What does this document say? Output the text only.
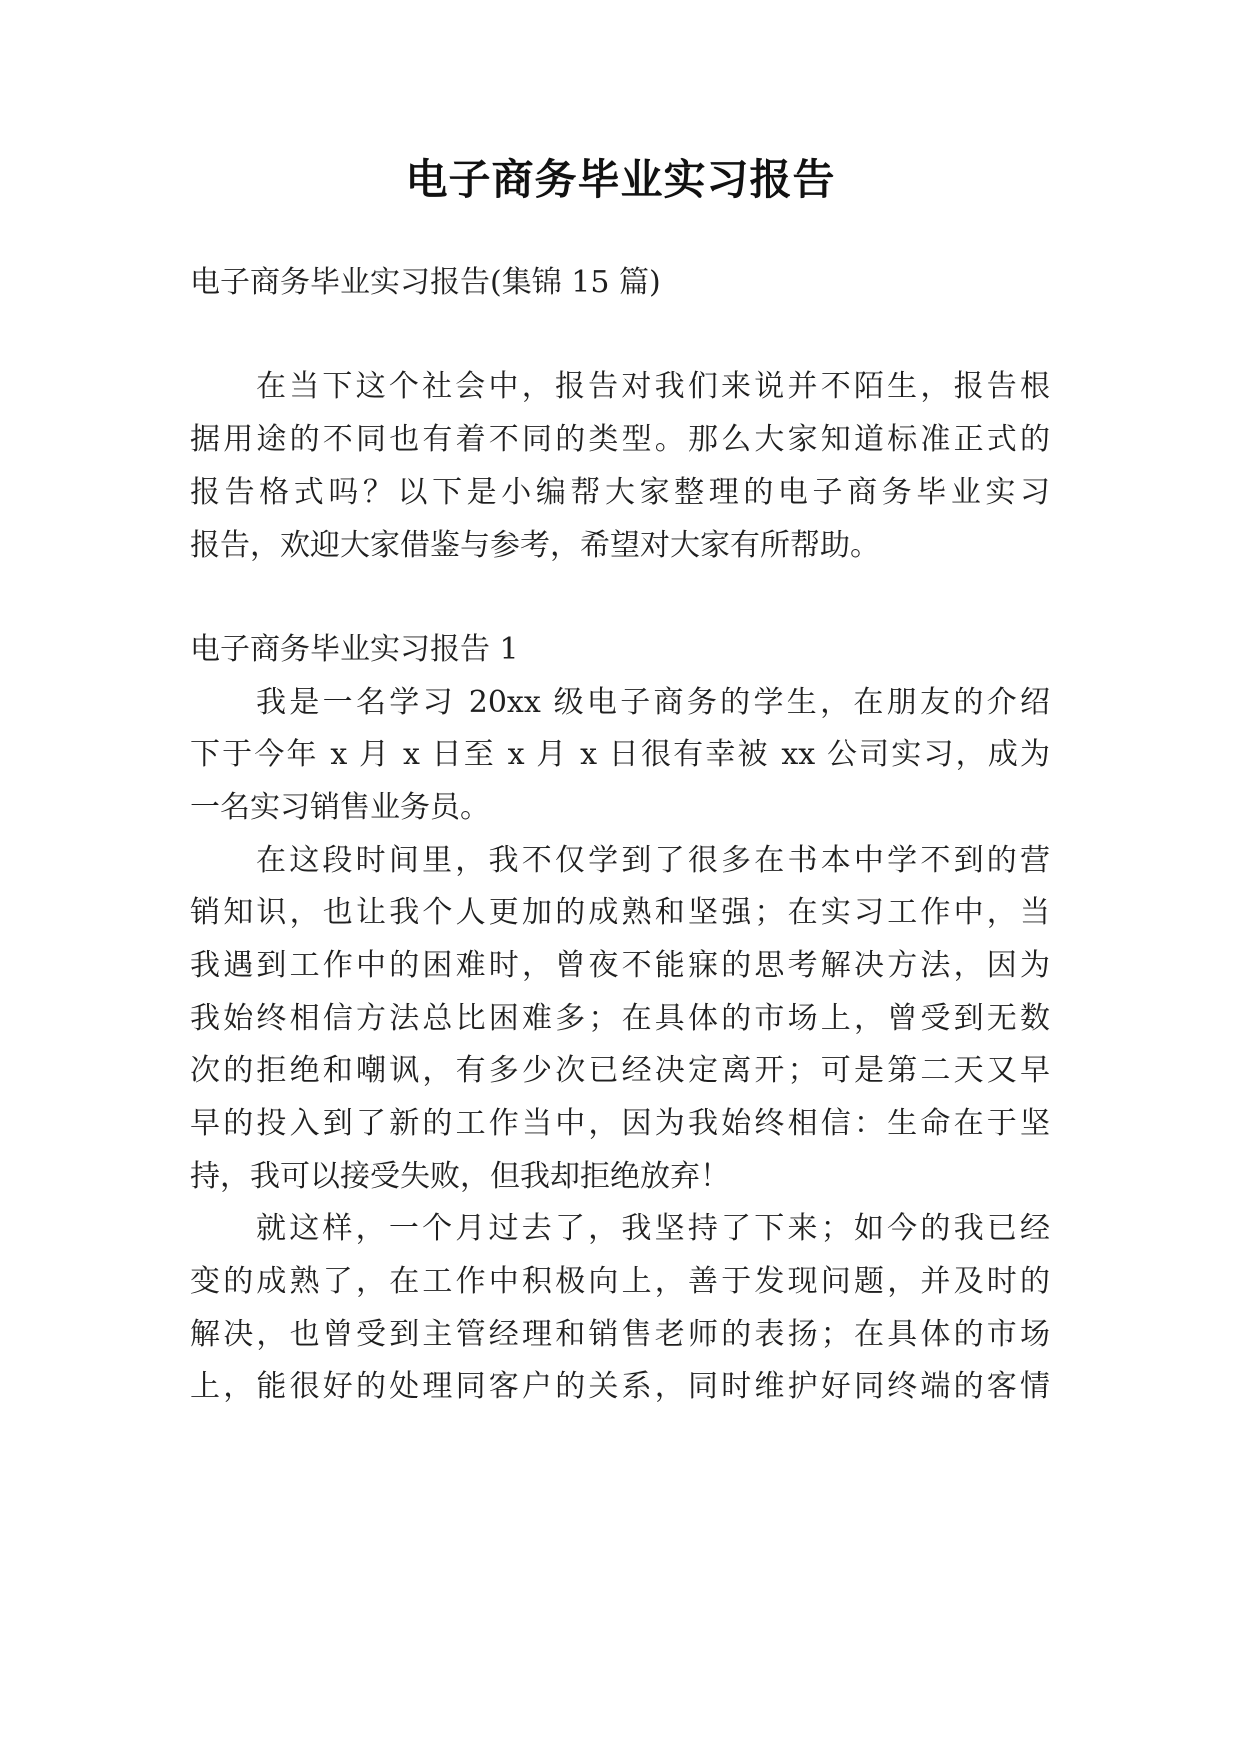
电子商务毕业实习报告
电子商务毕业实习报告(集锦 15 篇)
在当下这个社会中，报告对我们来说并不陌生，报告根
据用途的不同也有着不同的类型。那么大家知道标准正式的
报告格式吗？以下是小编帮大家整理的电子商务毕业实习
报告，欢迎大家借鉴与参考，希望对大家有所帮助。
电子商务毕业实习报告 1
我是一名学习 20xx 级电子商务的学生，在朋友的介绍
下于今年 x 月 x 日至 x 月 x 日很有幸被 xx 公司实习，成为
一名实习销售业务员。
在这段时间里，我不仅学到了很多在书本中学不到的营
销知识，也让我个人更加的成熟和坚强；在实习工作中，当
我遇到工作中的困难时，曾夜不能寐的思考解决方法，因为
我始终相信方法总比困难多；在具体的市场上，曾受到无数
次的拒绝和嘲讽，有多少次已经决定离开；可是第二天又早
早的投入到了新的工作当中，因为我始终相信：生命在于坚
持，我可以接受失败，但我却拒绝放弃！
就这样，一个月过去了，我坚持了下来；如今的我已经
变的成熟了，在工作中积极向上，善于发现问题，并及时的
解决，也曾受到主管经理和销售老师的表扬；在具体的市场
上，能很好的处理同客户的关系，同时维护好同终端的客情
